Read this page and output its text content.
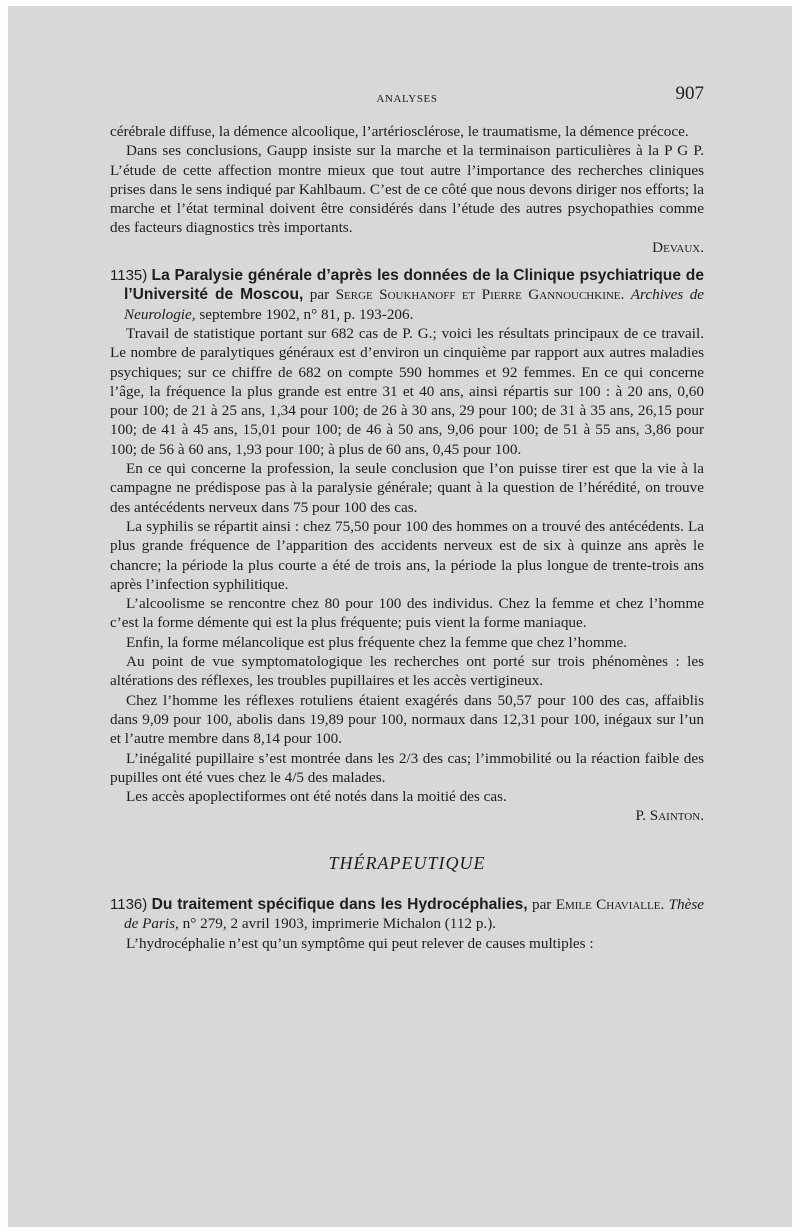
ANALYSES	907

cérébrale diffuse, la démence alcoolique, l’artériosclérose, le traumatisme, la démence précoce.

Dans ses conclusions, Gaupp insiste sur la marche et la terminaison particulières à la P G P. L’étude de cette affection montre mieux que tout autre l’importance des recherches cliniques prises dans le sens indiqué par Kahlbaum. C’est de ce côté que nous devons diriger nos efforts; la marche et l’état terminal doivent être considérés dans l’étude des autres psychopathies comme des facteurs diagnostics très importants.

Devaux.

1135) La Paralysie générale d’après les données de la Clinique psychiatrique de l’Université de Moscou, par Serge Soukhanoff et Pierre Gannouchkine. Archives de Neurologie, septembre 1902, n° 81, p. 193-206.

Travail de statistique portant sur 682 cas de P. G.; voici les résultats principaux de ce travail. Le nombre de paralytiques généraux est d’environ un cinquième par rapport aux autres maladies psychiques; sur ce chiffre de 682 on compte 590 hommes et 92 femmes. En ce qui concerne l’âge, la fréquence la plus grande est entre 31 et 40 ans, ainsi répartis sur 100 : à 20 ans, 0,60 pour 100; de 21 à 25 ans, 1,34 pour 100; de 26 à 30 ans, 29 pour 100; de 31 à 35 ans, 26,15 pour 100; de 41 à 45 ans, 15,01 pour 100; de 46 à 50 ans, 9,06 pour 100; de 51 à 55 ans, 3,86 pour 100; de 56 à 60 ans, 1,93 pour 100; à plus de 60 ans, 0,45 pour 100.

En ce qui concerne la profession, la seule conclusion que l’on puisse tirer est que la vie à la campagne ne prédispose pas à la paralysie générale; quant à la question de l’hérédité, on trouve des antécédents nerveux dans 75 pour 100 des cas.

La syphilis se répartit ainsi : chez 75,50 pour 100 des hommes on a trouvé des antécédents. La plus grande fréquence de l’apparition des accidents nerveux est de six à quinze ans après le chancre; la période la plus courte a été de trois ans, la période la plus longue de trente-trois ans après l’infection syphilitique.

L’alcoolisme se rencontre chez 80 pour 100 des individus. Chez la femme et chez l’homme c’est la forme démente qui est la plus fréquente; puis vient la forme maniaque.

Enfin, la forme mélancolique est plus fréquente chez la femme que chez l’homme.

Au point de vue symptomatologique les recherches ont porté sur trois phénomènes : les altérations des réflexes, les troubles pupillaires et les accès vertigineux.

Chez l’homme les réflexes rotuliens étaient exagérés dans 50,57 pour 100 des cas, affaiblis dans 9,09 pour 100, abolis dans 19,89 pour 100, normaux dans 12,31 pour 100, inégaux sur l’un et l’autre membre dans 8,14 pour 100.

L’inégalité pupillaire s’est montrée dans les 2/3 des cas; l’immobilité ou la réaction faible des pupilles ont été vues chez le 4/5 des malades.

Les accès apoplectiformes ont été notés dans la moitié des cas.

P. Sainton.

THÉRAPEUTIQUE

1136) Du traitement spécifique dans les Hydrocéphalies, par Emile Chavialle. Thèse de Paris, n° 279, 2 avril 1903, imprimerie Michalon (112 p.).

L’hydrocéphalie n’est qu’un symptôme qui peut relever de causes multiples :
